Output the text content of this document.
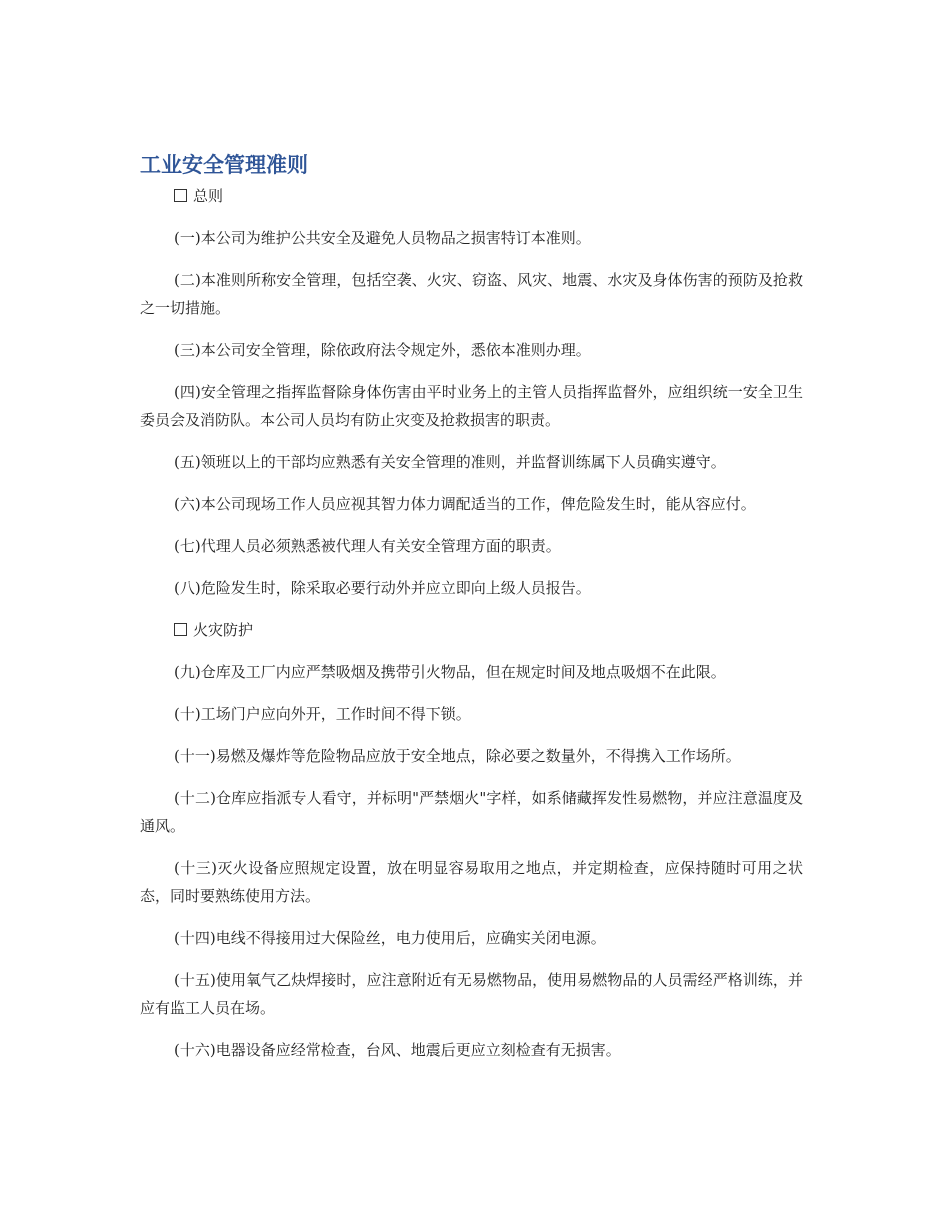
工业安全管理准则
总则

(一)本公司为维护公共安全及避免人员物品之损害特订本准则。

(二)本准则所称安全管理，包括空袭、火灾、窃盗、风灾、地震、水灾及身体伤害的预防及抢救之一切措施。

(三)本公司安全管理，除依政府法令规定外，悉依本准则办理。

(四)安全管理之指挥监督除身体伤害由平时业务上的主管人员指挥监督外，应组织统一安全卫生委员会及消防队。本公司人员均有防止灾变及抢救损害的职责。

(五)领班以上的干部均应熟悉有关安全管理的准则，并监督训练属下人员确实遵守。

(六)本公司现场工作人员应视其智力体力调配适当的工作，俾危险发生时，能从容应付。

(七)代理人员必须熟悉被代理人有关安全管理方面的职责。

(八)危险发生时，除采取必要行动外并应立即向上级人员报告。

火灾防护

(九)仓库及工厂内应严禁吸烟及携带引火物品，但在规定时间及地点吸烟不在此限。

(十)工场门户应向外开，工作时间不得下锁。

(十一)易燃及爆炸等危险物品应放于安全地点，除必要之数量外，不得携入工作场所。

(十二)仓库应指派专人看守，并标明"严禁烟火"字样，如系储藏挥发性易燃物，并应注意温度及通风。

(十三)灭火设备应照规定设置，放在明显容易取用之地点，并定期检查，应保持随时可用之状态，同时要熟练使用方法。

(十四)电线不得接用过大保险丝，电力使用后，应确实关闭电源。

(十五)使用氧气乙炔焊接时，应注意附近有无易燃物品，使用易燃物品的人员需经严格训练，并应有监工人员在场。

(十六)电器设备应经常检查，台风、地震后更应立刻检查有无损害。
